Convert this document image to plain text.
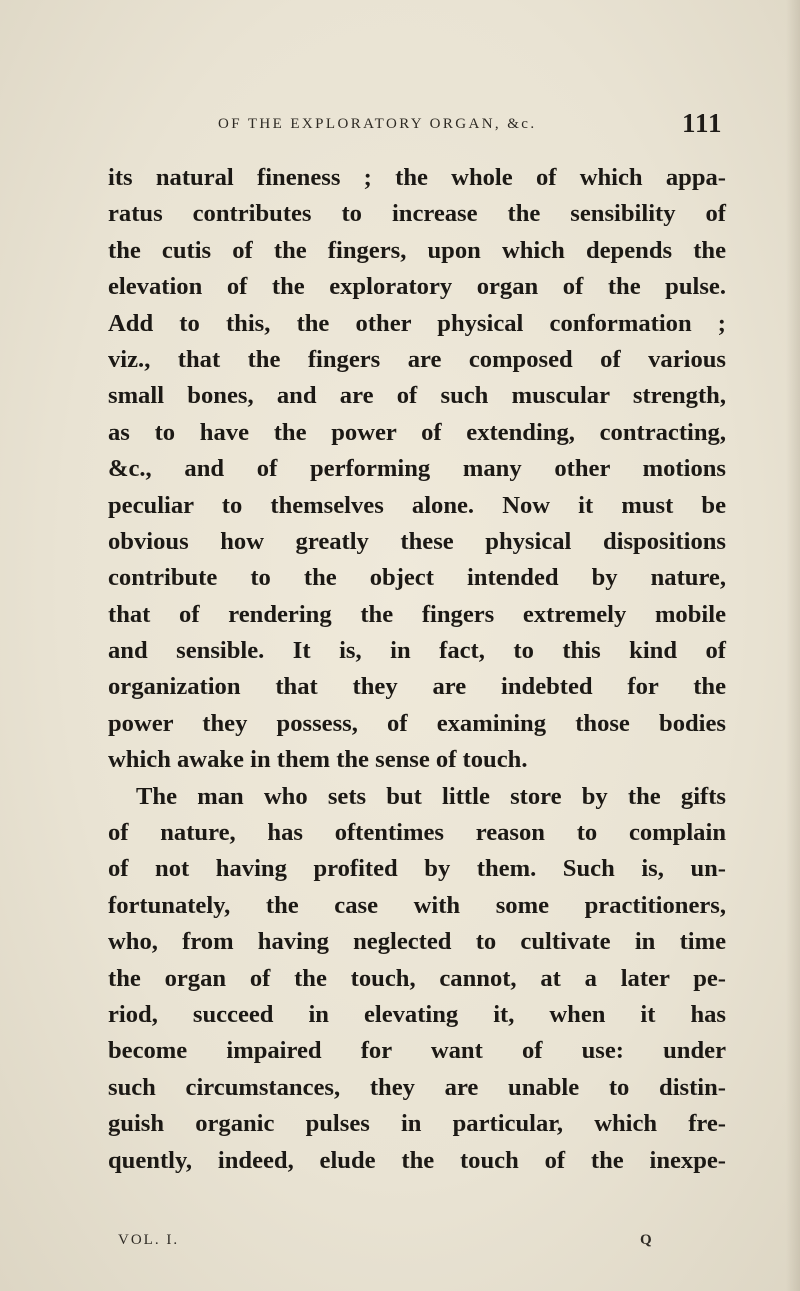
OF THE EXPLORATORY ORGAN, &c.	111
its natural fineness ; the whole of which appa-
ratus contributes to increase the sensibility of
the cutis of the fingers, upon which depends the
elevation of the exploratory organ of the pulse.
Add to this, the other physical conformation ;
viz., that the fingers are composed of various
small bones, and are of such muscular strength,
as to have the power of extending, contracting,
&c., and of performing many other motions
peculiar to themselves alone. Now it must be
obvious how greatly these physical dispositions
contribute to the object intended by nature,
that of rendering the fingers extremely mobile
and sensible. It is, in fact, to this kind of
organization that they are indebted for the
power they possess, of examining those bodies
which awake in them the sense of touch.
The man who sets but little store by the gifts
of nature, has oftentimes reason to complain
of not having profited by them. Such is, un-
fortunately, the case with some practitioners,
who, from having neglected to cultivate in time
the organ of the touch, cannot, at a later pe-
riod, succeed in elevating it, when it has
become impaired for want of use: under
such circumstances, they are unable to distin-
guish organic pulses in particular, which fre-
quently, indeed, elude the touch of the inexpe-
VOL. I.	Q
